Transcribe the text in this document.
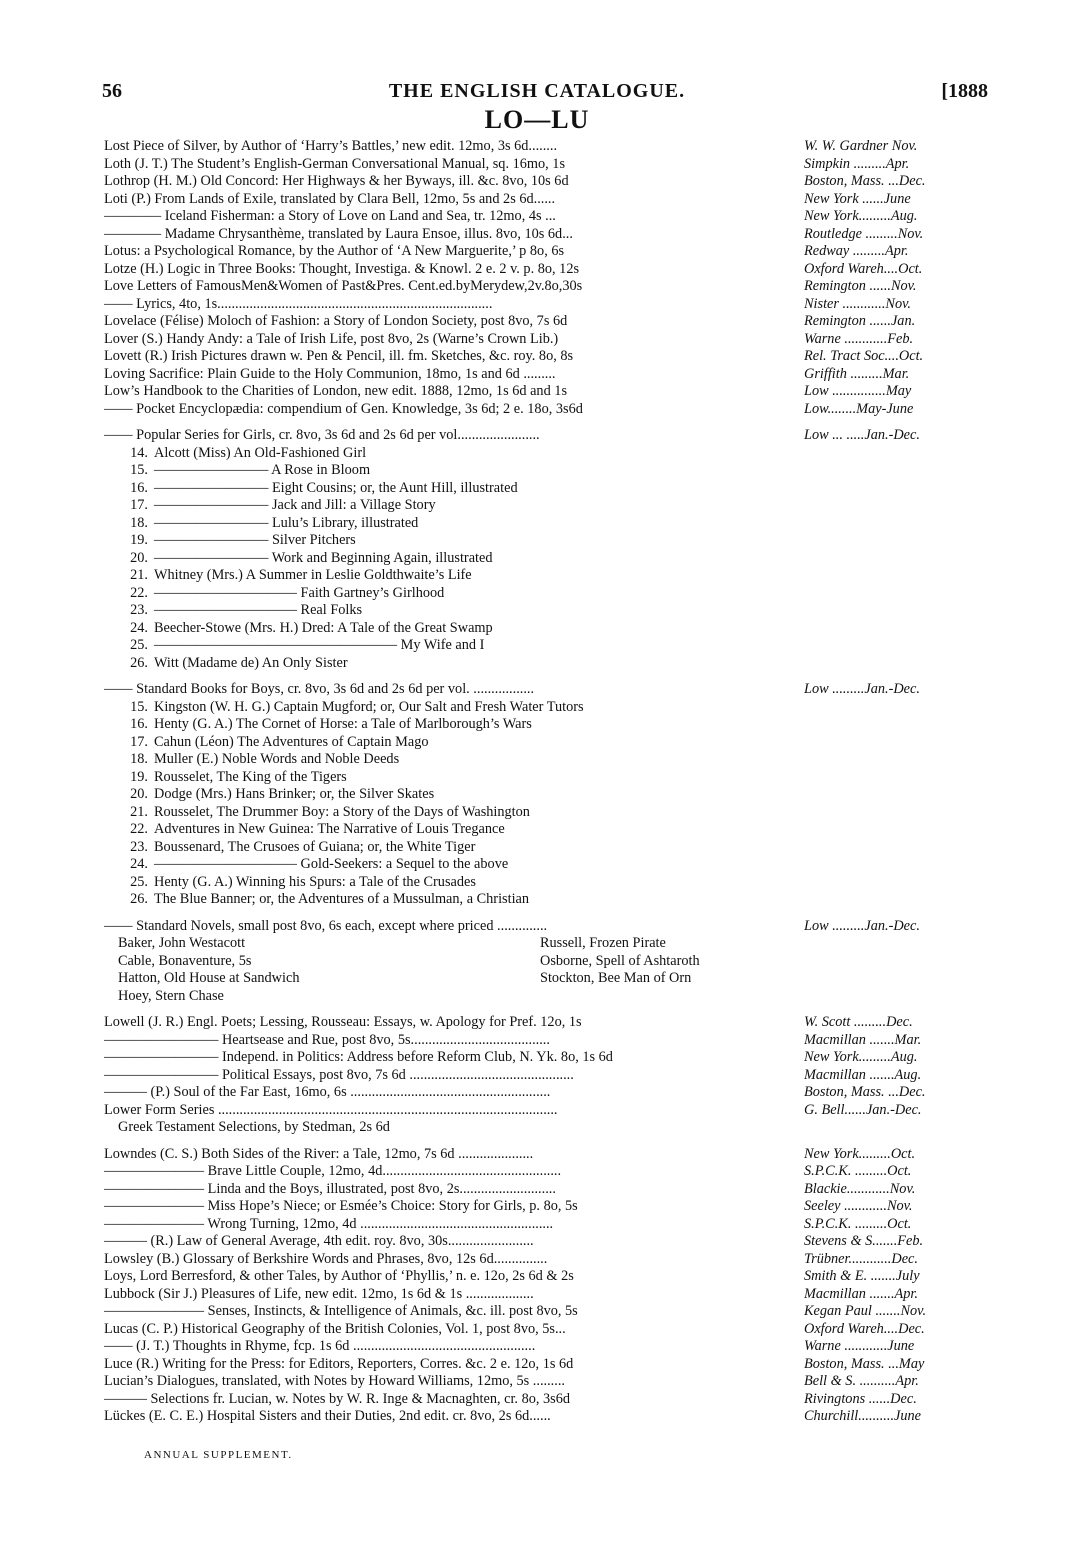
56	THE ENGLISH CATALOGUE.	[1888
LO—LU
Lost Piece of Silver, by Author of ‘Harry’s Battles,’ new edit. 12mo, 3s 6d........	W. W. Gardner Nov.
Loth (J. T.) The Student’s English-German Conversational Manual, sq. 16mo, 1s	Simpkin .........Apr.
Lothrop (H. M.) Old Concord: Her Highways & her Byways, ill. &c. 8vo, 10s 6d	Boston, Mass. ...Dec.
Loti (P.) From Lands of Exile, translated by Clara Bell, 12mo, 5s and 2s 6d......	New York ......June
———— Iceland Fisherman: a Story of Love on Land and Sea, tr. 12mo, 4s ...	New York.........Aug.
———— Madame Chrysanthème, translated by Laura Ensoe, illus. 8vo, 10s 6d...	Routledge .........Nov.
Lotus: a Psychological Romance, by the Author of ‘A New Marguerite,’ p 8o, 6s	Redway .........Apr.
Lotze (H.) Logic in Three Books: Thought, Investiga. & Knowl. 2 e. 2 v. p. 8o, 12s	Oxford Wareh....Oct.
Love Letters of FamousMen&Women of Past&Pres. Cent.ed.byMerydew,2v.8o,30s	Remington ......Nov.
—— Lyrics, 4to, 1s.............................................................................	Nister ............Nov.
Lovelace (Félise) Moloch of Fashion: a Story of London Society, post 8vo, 7s 6d	Remington ......Jan.
Lover (S.) Handy Andy: a Tale of Irish Life, post 8vo, 2s (Warne’s Crown Lib.)	Warne ............Feb.
Lovett (R.) Irish Pictures drawn w. Pen & Pencil, ill. fm. Sketches, &c. roy. 8o, 8s	Rel. Tract Soc....Oct.
Loving Sacrifice: Plain Guide to the Holy Communion, 18mo, 1s and 6d .........	Griffith .........Mar.
Low’s Handbook to the Charities of London, new edit. 1888, 12mo, 1s 6d and 1s	Low ...............May
—— Pocket Encyclopædia: compendium of Gen. Knowledge, 3s 6d; 2 e. 18o, 3s6d	Low........May-June
—— Popular Series for Girls, cr. 8vo, 3s 6d and 2s 6d per vol.......................	Low ... .....Jan.-Dec.
14. Alcott (Miss) An Old-Fashioned Girl
15. ———————— A Rose in Bloom
16. ———————— Eight Cousins; or, the Aunt Hill, illustrated
17. ———————— Jack and Jill: a Village Story
18. ———————— Lulu’s Library, illustrated
19. ———————— Silver Pitchers
20. ———————— Work and Beginning Again, illustrated
21. Whitney (Mrs.) A Summer in Leslie Goldthwaite’s Life
22. —————————— Faith Gartney’s Girlhood
23. —————————— Real Folks
24. Beecher-Stowe (Mrs. H.) Dred: A Tale of the Great Swamp
25. ————————————————— My Wife and I
26. Witt (Madame de) An Only Sister
—— Standard Books for Boys, cr. 8vo, 3s 6d and 2s 6d per vol. .................	Low .........Jan.-Dec.
15. Kingston (W. H. G.) Captain Mugford; or, Our Salt and Fresh Water Tutors
16. Henty (G. A.) The Cornet of Horse: a Tale of Marlborough’s Wars
17. Cahun (Léon) The Adventures of Captain Mago
18. Muller (E.) Noble Words and Noble Deeds
19. Rousselet, The King of the Tigers
20. Dodge (Mrs.) Hans Brinker; or, the Silver Skates
21. Rousselet, The Drummer Boy: a Story of the Days of Washington
22. Adventures in New Guinea: The Narrative of Louis Tregance
23. Boussenard, The Crusoes of Guiana; or, the White Tiger
24. —————————— Gold-Seekers: a Sequel to the above
25. Henty (G. A.) Winning his Spurs: a Tale of the Crusades
26. The Blue Banner; or, the Adventures of a Mussulman, a Christian
—— Standard Novels, small post 8vo, 6s each, except where priced ..............	Low .........Jan.-Dec.
Baker, John Westacott	Russell, Frozen Pirate
Cable, Bonaventure, 5s	Osborne, Spell of Ashtaroth
Hatton, Old House at Sandwich	Stockton, Bee Man of Orn
Hoey, Stern Chase
Lowell (J. R.) Engl. Poets; Lessing, Rousseau: Essays, w. Apology for Pref. 12o, 1s	W. Scott .........Dec.
———————— Heartsease and Rue, post 8vo, 5s.......................................	Macmillan .......Mar.
———————— Independ. in Politics: Address before Reform Club, N. Yk. 8o, 1s 6d	New York.........Aug.
———————— Political Essays, post 8vo, 7s 6d ..............................................	Macmillan .......Aug.
——— (P.) Soul of the Far East, 16mo, 6s ........................................................	Boston, Mass. ...Dec.
Lower Form Series ...............................................................................................	G. Bell......Jan.-Dec.
Greek Testament Selections, by Stedman, 2s 6d
Lowndes (C. S.) Both Sides of the River: a Tale, 12mo, 7s 6d .....................	New York.........Oct.
——————— Brave Little Couple, 12mo, 4d..................................................	S.P.C.K. .........Oct.
——————— Linda and the Boys, illustrated, post 8vo, 2s...........................	Blackie............Nov.
——————— Miss Hope’s Niece; or Esmée’s Choice: Story for Girls, p. 8o, 5s	Seeley ............Nov.
——————— Wrong Turning, 12mo, 4d ......................................................	S.P.C.K. .........Oct.
——— (R.) Law of General Average, 4th edit. roy. 8vo, 30s........................	Stevens & S.......Feb.
Lowsley (B.) Glossary of Berkshire Words and Phrases, 8vo, 12s 6d...............	Trübner............Dec.
Loys, Lord Berresford, & other Tales, by Author of ‘Phyllis,’ n. e. 12o, 2s 6d & 2s	Smith & E. .......July
Lubbock (Sir J.) Pleasures of Life, new edit. 12mo, 1s 6d & 1s ...................	Macmillan .......Apr.
——————— Senses, Instincts, & Intelligence of Animals, &c. ill. post 8vo, 5s	Kegan Paul .......Nov.
Lucas (C. P.) Historical Geography of the British Colonies, Vol. 1, post 8vo, 5s...	Oxford Wareh....Dec.
—— (J. T.) Thoughts in Rhyme, fcp. 1s 6d ...................................................	Warne ............June
Luce (R.) Writing for the Press: for Editors, Reporters, Corres. &c. 2 e. 12o, 1s 6d	Boston, Mass. ...May
Lucian’s Dialogues, translated, with Notes by Howard Williams, 12mo, 5s .........	Bell & S. ..........Apr.
——— Selections fr. Lucian, w. Notes by W. R. Inge & Macnaghten, cr. 8o, 3s6d	Rivingtons ......Dec.
Lückes (E. C. E.) Hospital Sisters and their Duties, 2nd edit. cr. 8vo, 2s 6d......	Churchill..........June
ANNUAL SUPPLEMENT.
